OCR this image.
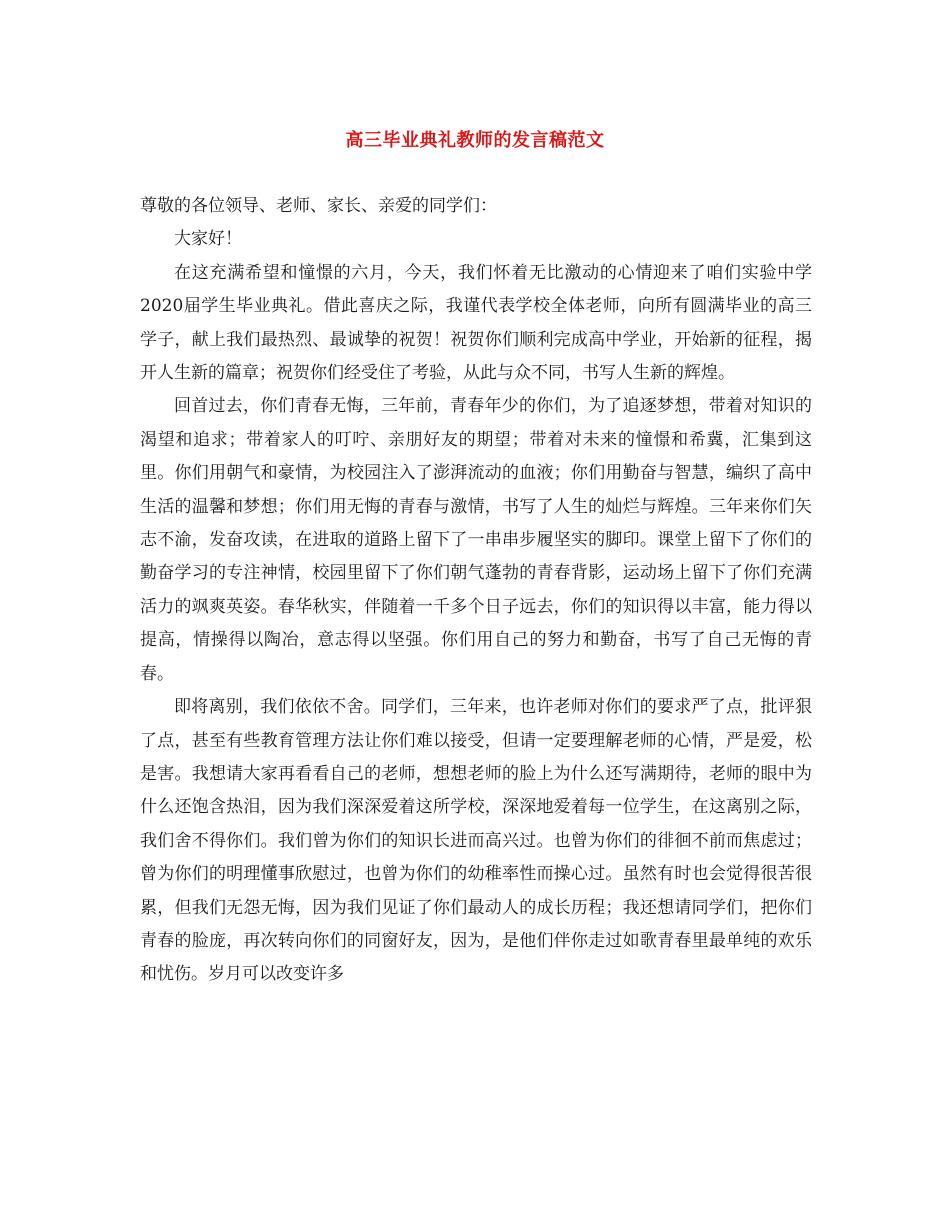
高三毕业典礼教师的发言稿范文

尊敬的各位领导、老师、家长、亲爱的同学们：

大家好！

在这充满希望和憧憬的六月，今天，我们怀着无比激动的心情迎来了咱们实验中学2020届学生毕业典礼。借此喜庆之际，我谨代表学校全体老师，向所有圆满毕业的高三学子，献上我们最热烈、最诚挚的祝贺！祝贺你们顺利完成高中学业，开始新的征程，揭开人生新的篇章；祝贺你们经受住了考验，从此与众不同，书写人生新的辉煌。

回首过去，你们青春无悔，三年前，青春年少的你们，为了追逐梦想，带着对知识的渴望和追求；带着家人的叮咛、亲朋好友的期望；带着对未来的憧憬和希冀，汇集到这里。你们用朝气和豪情，为校园注入了澎湃流动的血液；你们用勤奋与智慧，编织了高中生活的温馨和梦想；你们用无悔的青春与激情，书写了人生的灿烂与辉煌。三年来你们矢志不渝，发奋攻读，在进取的道路上留下了一串串步履坚实的脚印。课堂上留下了你们的勤奋学习的专注神情，校园里留下了你们朝气蓬勃的青春背影，运动场上留下了你们充满活力的飒爽英姿。春华秋实，伴随着一千多个日子远去，你们的知识得以丰富，能力得以提高，情操得以陶冶，意志得以坚强。你们用自己的努力和勤奋，书写了自己无悔的青春。

即将离别，我们依依不舍。同学们，三年来，也许老师对你们的要求严了点，批评狠了点，甚至有些教育管理方法让你们难以接受，但请一定要理解老师的心情，严是爱，松是害。我想请大家再看看自己的老师，想想老师的脸上为什么还写满期待，老师的眼中为什么还饱含热泪，因为我们深深爱着这所学校，深深地爱着每一位学生，在这离别之际，我们舍不得你们。我们曾为你们的知识长进而高兴过。也曾为你们的徘徊不前而焦虑过； 曾为你们的明理懂事欣慰过，也曾为你们的幼稚率性而操心过。虽然有时也会觉得很苦很累，但我们无怨无悔，因为我们见证了你们最动人的成长历程；我还想请同学们，把你们青春的脸庞，再次转向你们的同窗好友，因为，是他们伴你走过如歌青春里最单纯的欢乐和忧伤。岁月可以改变许多
